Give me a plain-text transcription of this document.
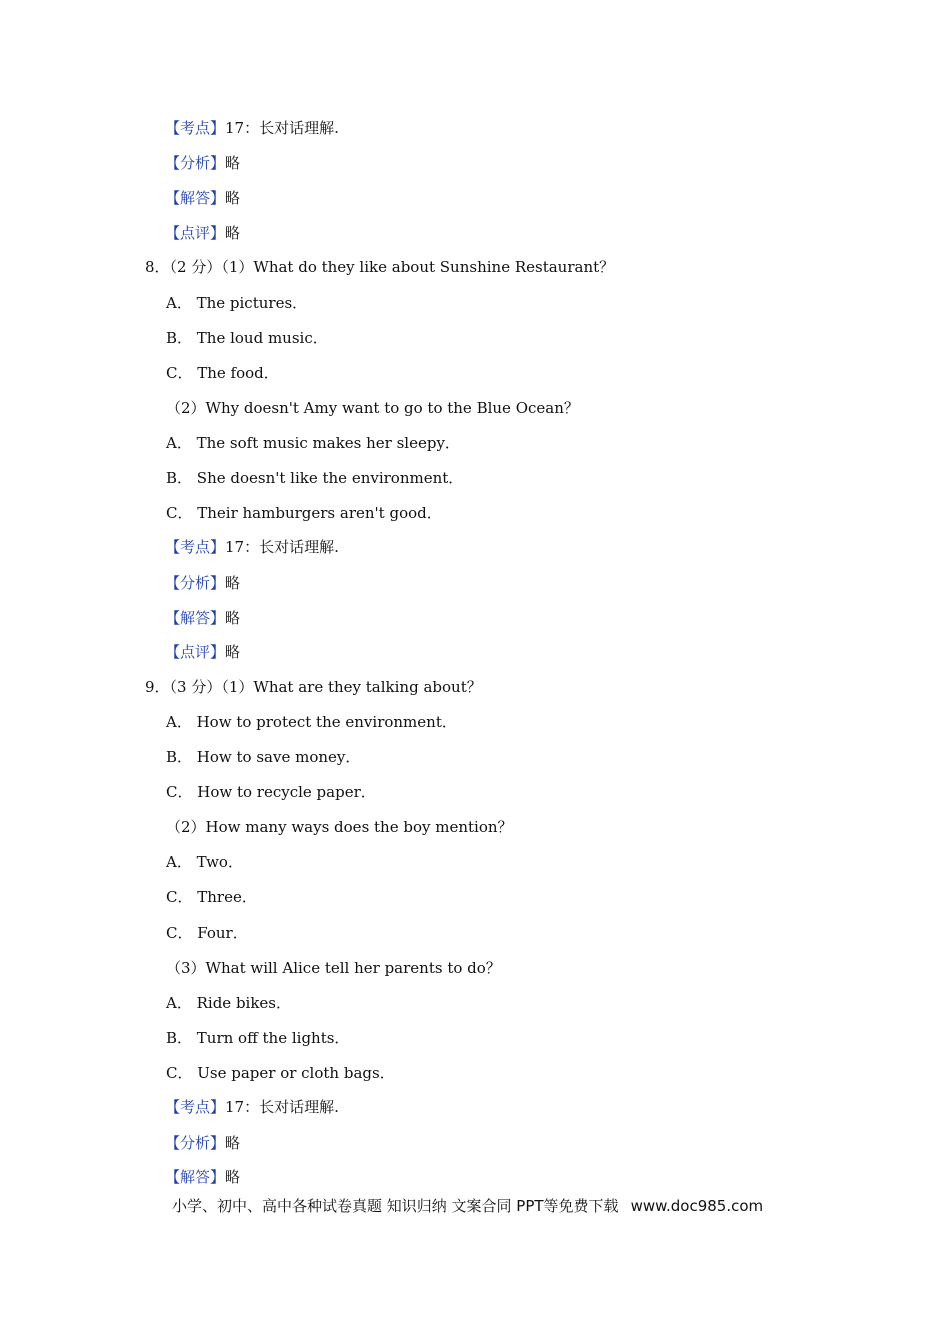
【考点】17：长对话理解.
【分析】略
【解答】略
【点评】略
8．（2 分）（1）What do they like about Sunshine Restaurant？
A． The pictures．
B． The loud music．
C． The food．
（2）Why doesn't Amy want to go to the Blue Ocean？
A． The soft music makes her sleepy．
B． She doesn't like the environment．
C． Their hamburgers aren't good．
【考点】17：长对话理解.
【分析】略
【解答】略
【点评】略
9．（3 分）（1）What are they talking about？
A． How to protect the environment．
B． How to save money．
C． How to recycle paper．
（2）How many ways does the boy mention？
A． Two．
C． Three．
C． Four．
（3）What will Alice tell her parents to do？
A． Ride bikes．
B． Turn off the lights．
C． Use paper or cloth bags．
【考点】17：长对话理解.
【分析】略
【解答】略
小学、初中、高中各种试卷真题 知识归纳 文案合同 PPT等免费下载 www.doc985.com
